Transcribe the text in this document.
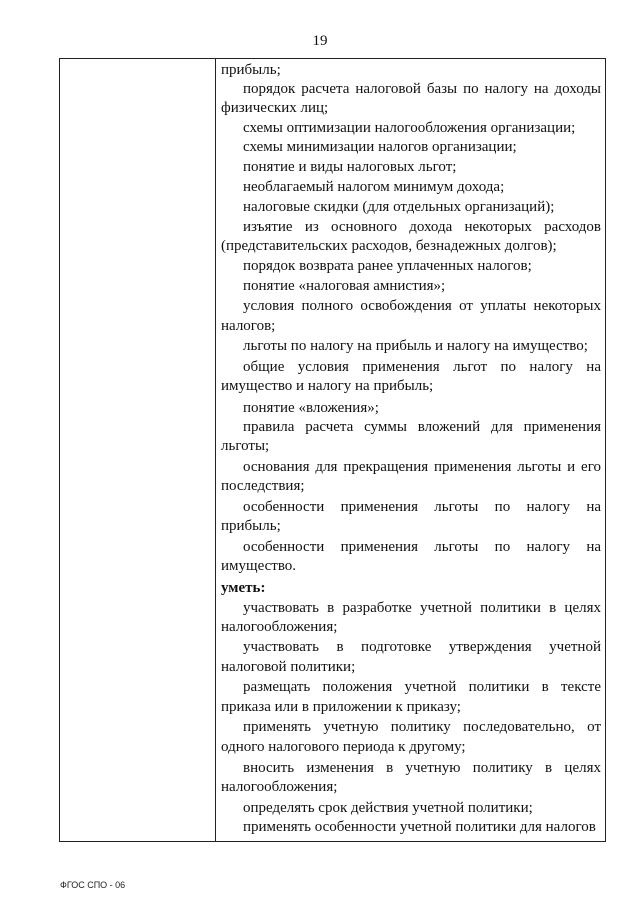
19
прибыль;
порядок расчета налоговой базы по налогу на доходы
физических лиц;
схемы оптимизации налогообложения организации;
схемы минимизации налогов организации;
понятие и виды налоговых льгот;
необлагаемый налогом минимум дохода;
налоговые скидки (для отдельных организаций);
изъятие из основного дохода некоторых расходов
(представительских расходов, безнадежных долгов);
порядок возврата ранее уплаченных налогов;
понятие «налоговая амнистия»;
условия полного освобождения от уплаты некоторых
налогов;
льготы по налогу на прибыль и налогу на имущество;
общие условия применения льгот по налогу на
имущество и налогу на прибыль;
понятие «вложения»;
правила расчета суммы вложений для применения
льготы;
основания для прекращения применения льготы и его
последствия;
особенности применения льготы по налогу на
прибыль;
особенности применения льготы по налогу на
имущество.
уметь:
участвовать в разработке учетной политики в целях
налогообложения;
участвовать в подготовке утверждения учетной
налоговой политики;
размещать положения учетной политики в тексте
приказа или в приложении к приказу;
применять учетную политику последовательно, от
одного налогового периода к другому;
вносить изменения в учетную политику в целях
налогообложения;
определять срок действия учетной политики;
применять особенности учетной политики для налогов
ФГОС СПО - 06
